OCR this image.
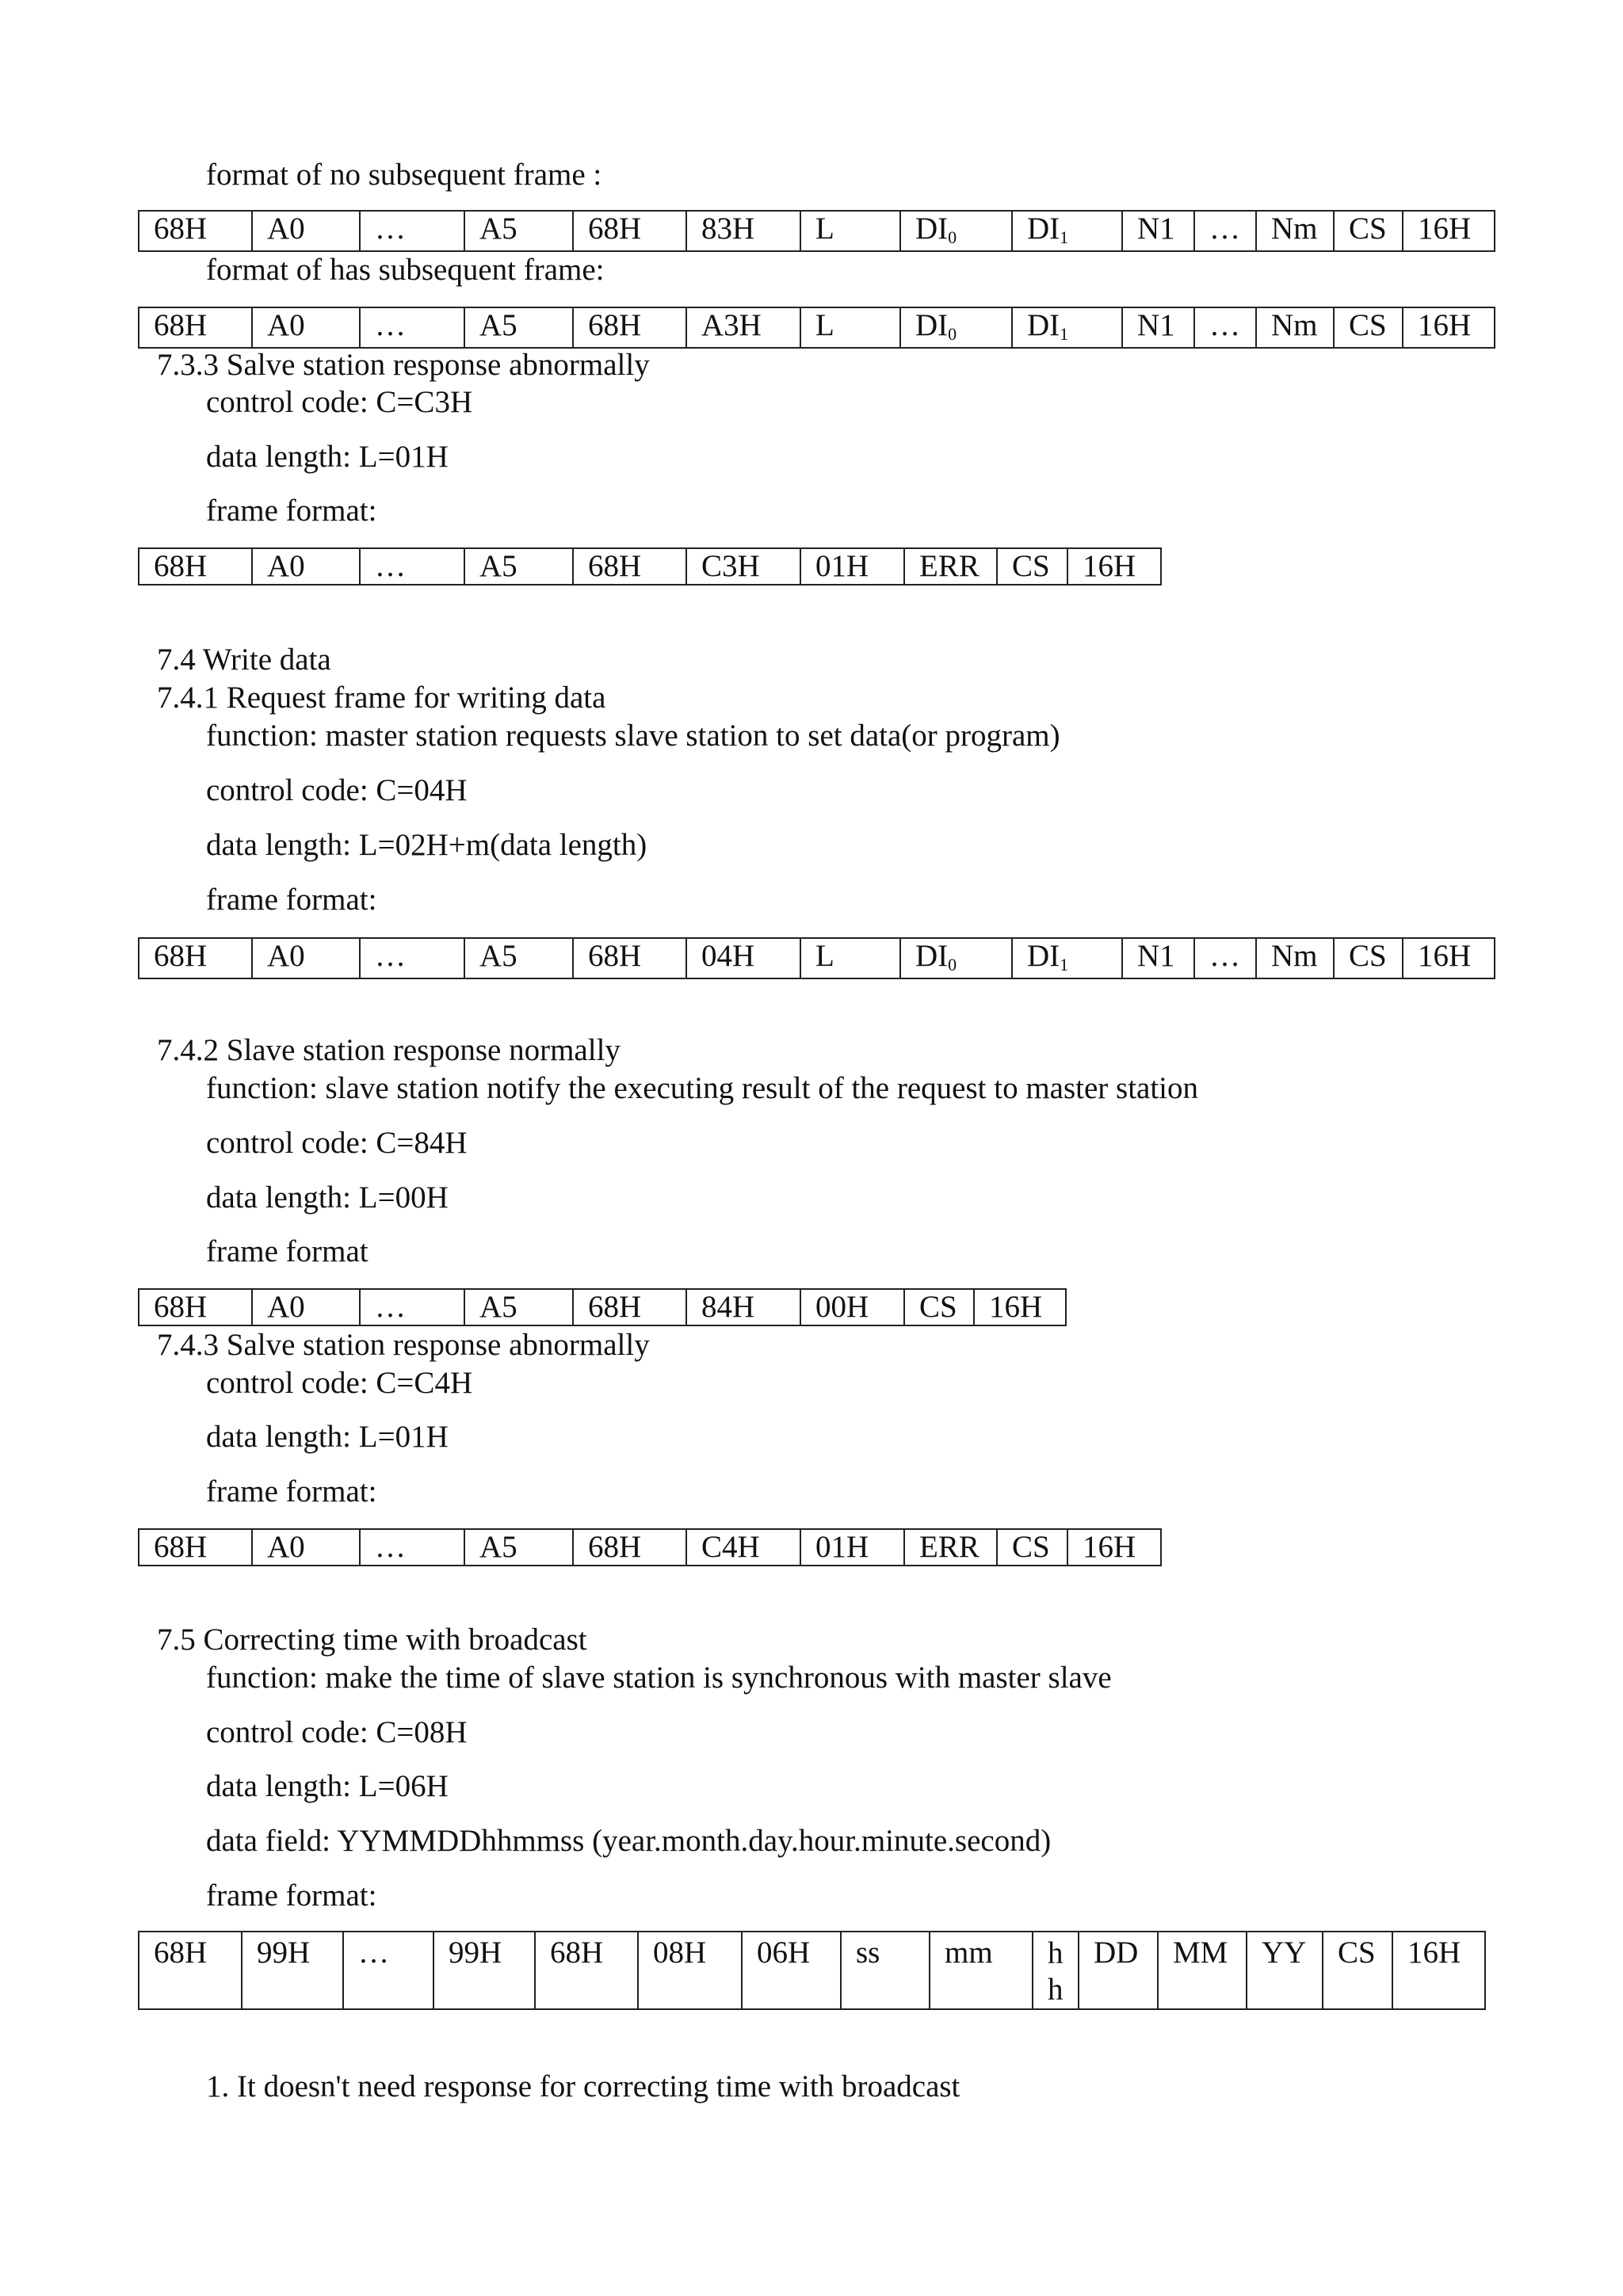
format of no subsequent frame :

68H	A0	…	A5	68H	83H	L	$DI_0$	$DI_1$	N1	…	Nm	CS	16H

format of has subsequent frame:

68H	A0	…	A5	68H	A3H	L	$DI_0$	$DI_1$	N1	…	Nm	CS	16H

7.3.3 Salve station response abnormally

control code: C=C3H

data length: L=01H

frame format:

68H	A0	…	A5	68H	C3H	01H	ERR	CS	16H

7.4 Write data

7.4.1 Request frame for writing data

function: master station requests slave station to set data(or program)

control code: C=04H

data length: L=02H+m(data length)

frame format:

68H	A0	…	A5	68H	04H	L	$DI_0$	$DI_1$	N1	…	Nm	CS	16H

7.4.2 Slave station response normally

function: slave station notify the executing result of the request to master station

control code: C=84H

data length: L=00H

frame format

68H	A0	…	A5	68H	84H	00H	CS	16H

7.4.3 Salve station response abnormally

control code: C=C4H

data length: L=01H

frame format:

68H	A0	…	A5	68H	C4H	01H	ERR	CS	16H

7.5 Correcting time with broadcast

function: make the time of slave station is synchronous with master slave

control code: C=08H

data length: L=06H

data field: YYMMDDhhmmss (year.month.day.hour.minute.second)

frame format:

68H	99H	…	99H	68H	08H	06H	ss	mm	h h	DD	MM	YY	CS	16H

1. It doesn't need response for correcting time with broadcast
